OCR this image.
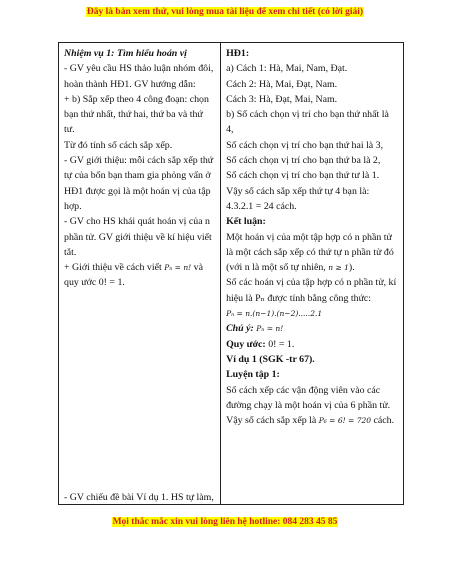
Đây là bản xem thử, vui lòng mua tài liệu để xem chi tiết (có lời giải)

Nhiệm vụ 1: Tìm hiểu hoán vị

- GV yêu cầu HS thảo luận nhóm đôi,

hoàn thành HĐ1. GV hướng dẫn:

+ b) Sắp xếp theo 4 công đoạn: chọn

bạn thứ nhất, thứ hai, thứ ba và thứ

tư.

Từ đó tính số cách sắp xếp.

- GV giới thiệu: mỗi cách sắp xếp thứ

tự của bốn bạn tham gia phỏng vấn ở

HĐ1 được gọi là một hoán vị của tập

hợp.

- GV cho HS khái quát hoán vị của n

phần tử. GV giới thiệu về kí hiệu viết

tắt.

+ Giới thiệu về cách viết Pₙ = n! và

quy ước 0! = 1.

- GV chiếu đề bài Ví dụ 1. HS tự làm,

HĐ1:

a) Cách 1: Hà, Mai, Nam, Đạt.

Cách 2: Hà, Mai, Đạt, Nam.

Cách 3: Hà, Đạt, Mai, Nam.

b) Số cách chọn vị trí cho bạn thứ nhất là

4,

Số cách chọn vị trí cho bạn thứ hai là 3,

Số cách chọn vị trí cho bạn thứ ba là 2,

Số cách chọn vị trí cho bạn thứ tư là 1.

Vậy số cách sắp xếp thứ tự 4 bạn là:

4.3.2.1 = 24 cách.

Kết luận:

Một hoán vị của một tập hợp có n phần tử

là một cách sắp xếp có thứ tự n phần tử đó

(với n là một số tự nhiên, n ≥ 1).

Số các hoán vị của tập hợp có n phần tử, kí

hiệu là Pₙ được tính bằng công thức:

Pₙ = n.(n−1).(n−2).....2.1

Chú ý: Pₙ = n!

Quy ước: 0! = 1.

Ví dụ 1 (SGK -tr 67).

Luyện tập 1:

Số cách xếp các vận động viên vào các

đường chạy là một hoán vị của 6 phần tử.

Vậy số cách sắp xếp là P₆ = 6! = 720 cách.

Mọi thắc mắc xin vui lòng liên hệ hotline: 084 283 45 85
